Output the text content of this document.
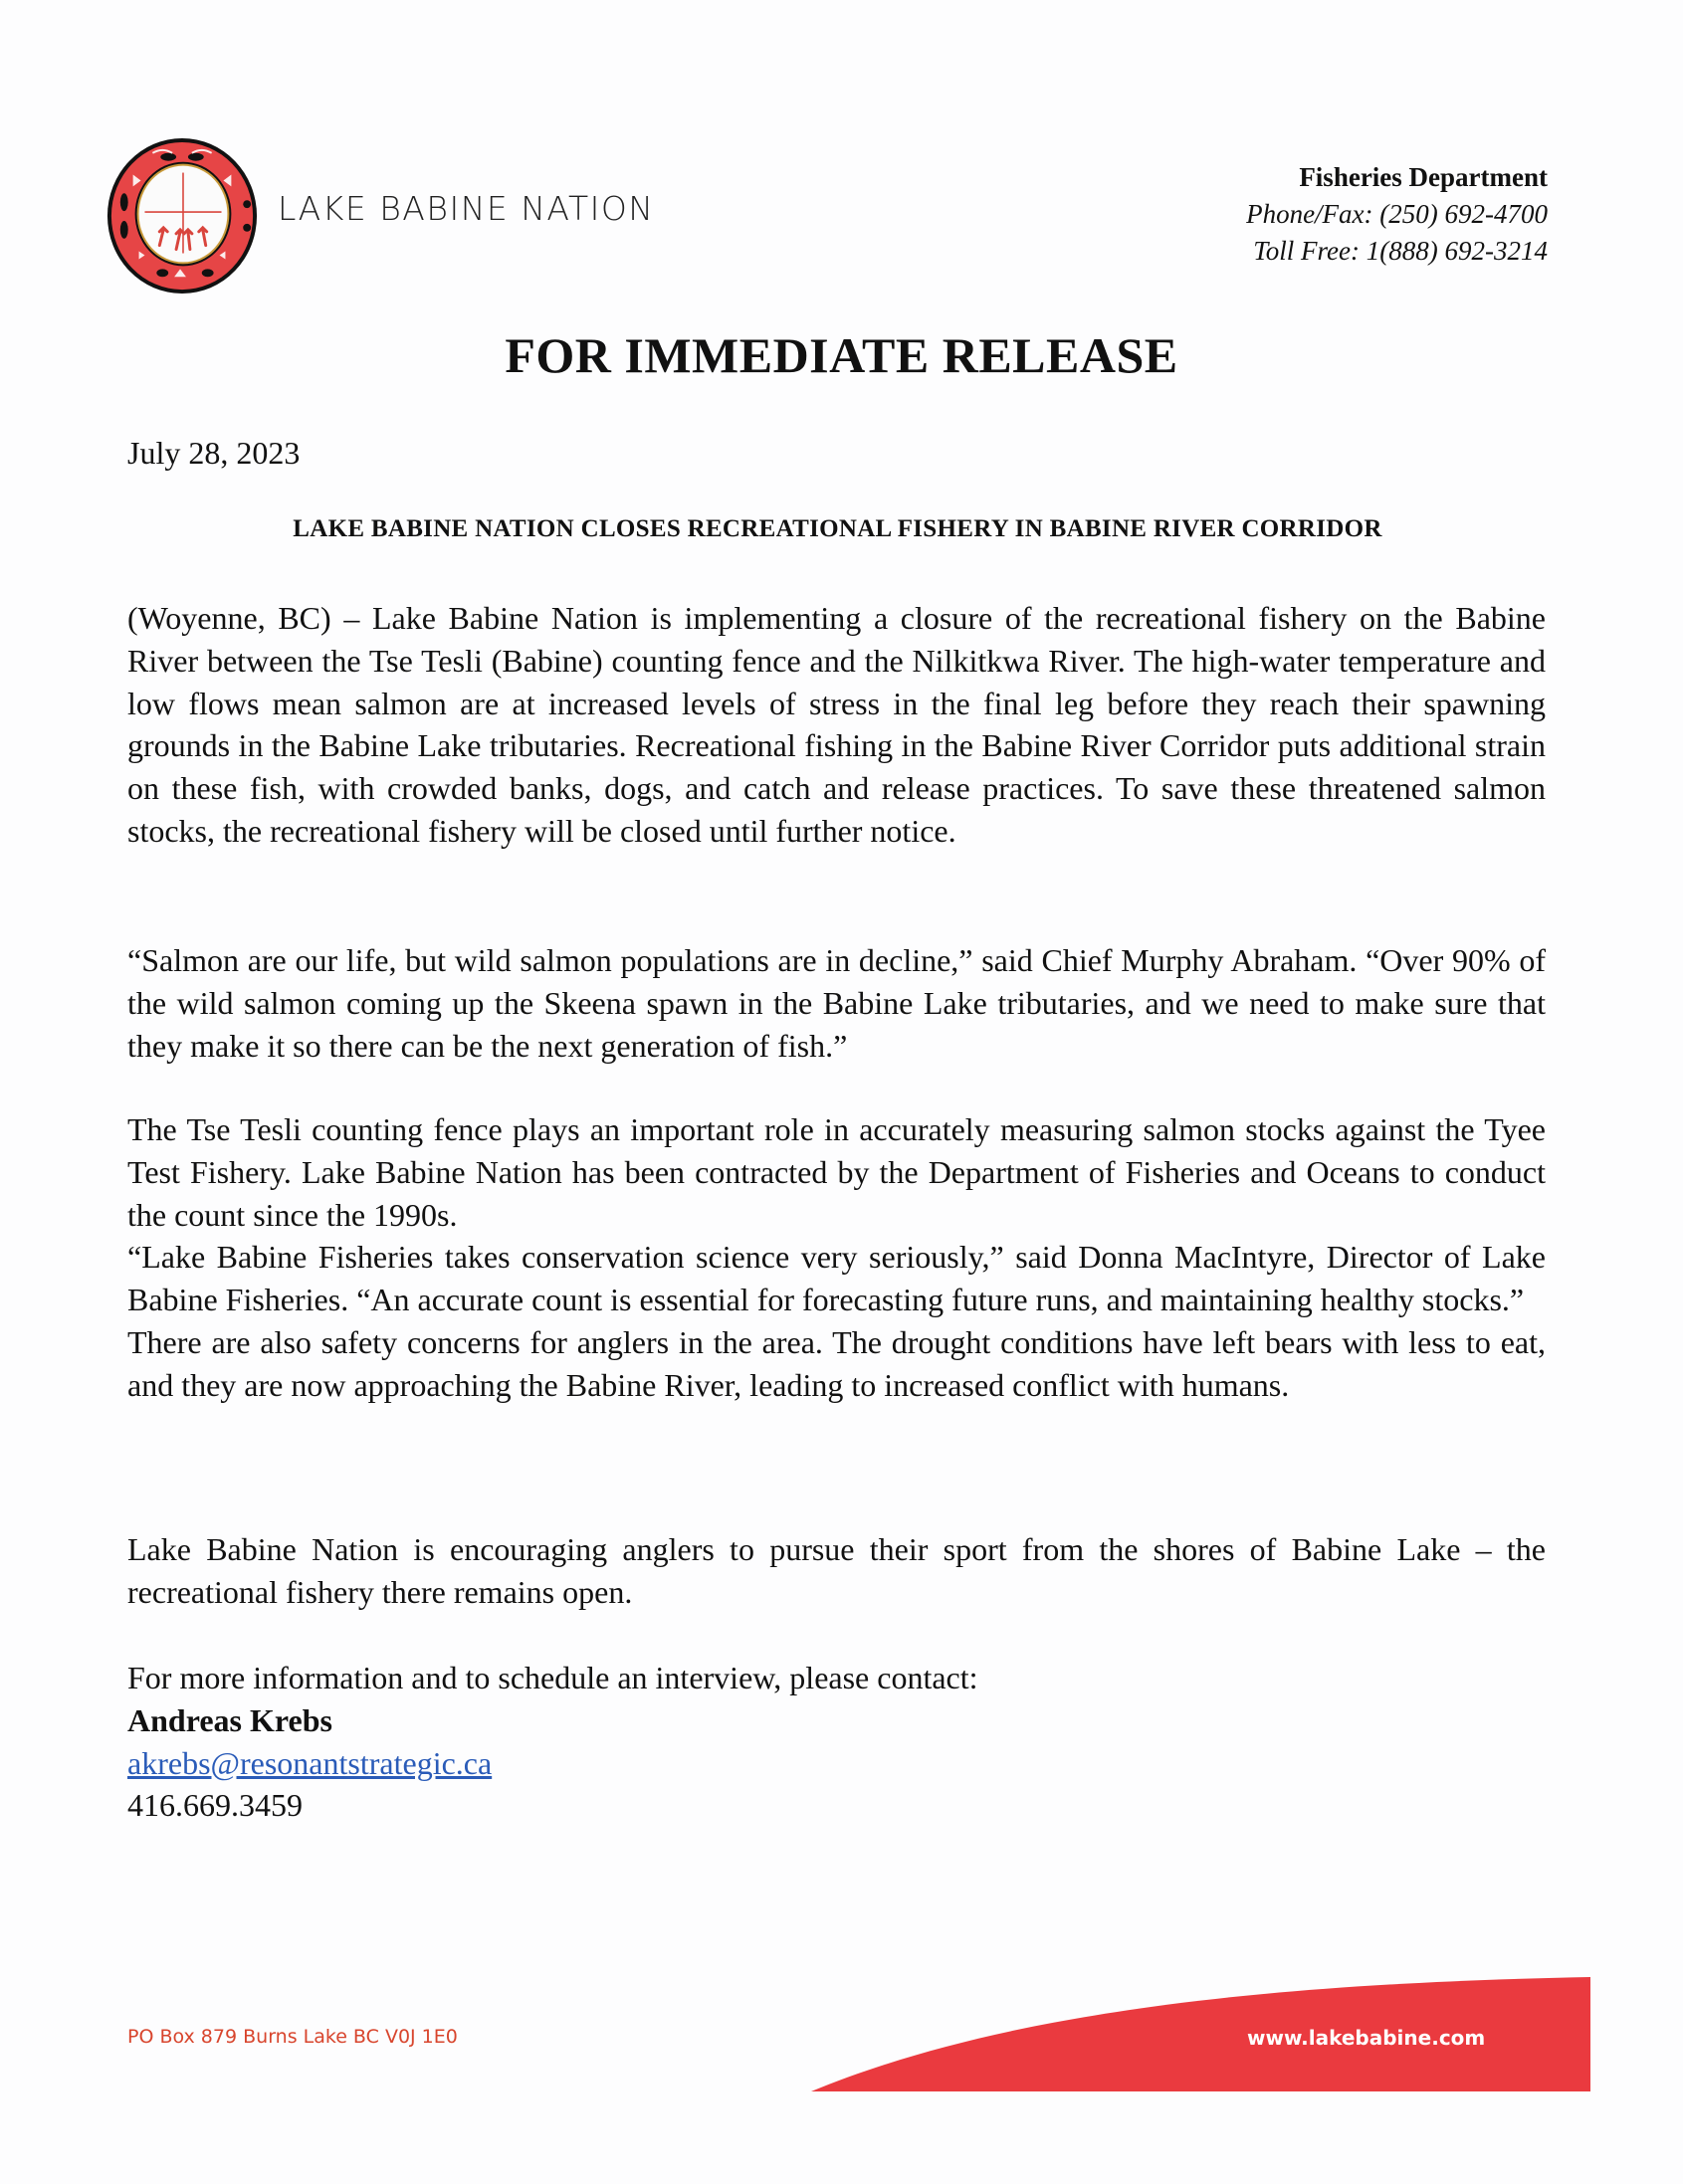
LAKE BABINE NATION
Fisheries Department
Phone/Fax: (250) 692-4700
Toll Free: 1(888) 692-3214
FOR IMMEDIATE RELEASE
July 28, 2023
LAKE BABINE NATION CLOSES RECREATIONAL FISHERY IN BABINE RIVER CORRIDOR

(Woyenne, BC) – Lake Babine Nation is implementing a closure of the recreational fishery on the Babine River between the Tse Tesli (Babine) counting fence and the Nilkitkwa River. The high-water temperature and low flows mean salmon are at increased levels of stress in the final leg before they reach their spawning grounds in the Babine Lake tributaries. Recreational fishing in the Babine River Corridor puts additional strain on these fish, with crowded banks, dogs, and catch and release practices. To save these threatened salmon stocks, the recreational fishery will be closed until further notice.

“Salmon are our life, but wild salmon populations are in decline,” said Chief Murphy Abraham. “Over 90% of the wild salmon coming up the Skeena spawn in the Babine Lake tributaries, and we need to make sure that they make it so there can be the next generation of fish.”

The Tse Tesli counting fence plays an important role in accurately measuring salmon stocks against the Tyee Test Fishery. Lake Babine Nation has been contracted by the Department of Fisheries and Oceans to conduct the count since the 1990s.

“Lake Babine Fisheries takes conservation science very seriously,” said Donna MacIntyre, Director of Lake Babine Fisheries. “An accurate count is essential for forecasting future runs, and maintaining healthy stocks.”

There are also safety concerns for anglers in the area. The drought conditions have left bears with less to eat, and they are now approaching the Babine River, leading to increased conflict with humans.

Lake Babine Nation is encouraging anglers to pursue their sport from the shores of Babine Lake – the recreational fishery there remains open.

For more information and to schedule an interview, please contact:
Andreas Krebs
akrebs@resonantstrategic.ca
416.669.3459
PO Box 879 Burns Lake BC V0J 1E0	www.lakebabine.com
